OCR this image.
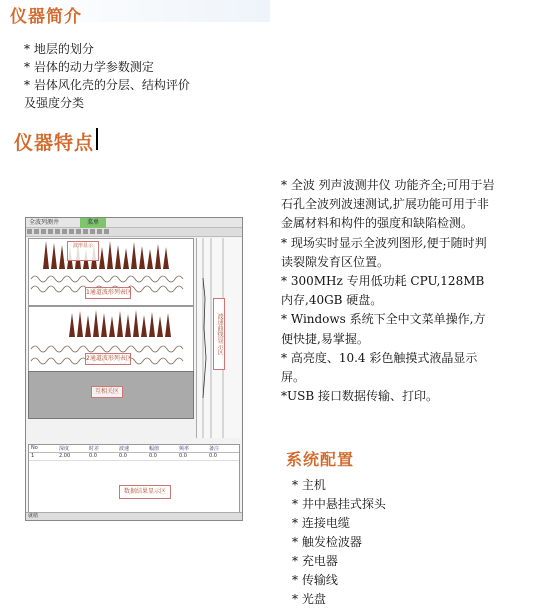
仪器简介
* 地层的划分
* 岩体的动力学参数测定
* 岩体风化壳的分层、结构评价
及强度分类
仪器特点
全波列测井	菜单
波形显示
1通道波形列表区
2通道波形列表区
互相关区
波速曲线显示区
No	深度	时差	波速	幅值	频率	备注
1	2.00	0.0	0.0	0.0	0.0	0.0
数据结果显示区
就绪

* 全波 列声波测井仪 功能齐全;可用于岩石孔全波列波速测试,扩展功能可用于非金属材料和构件的强度和缺陷检测。

* 现场实时显示全波列图形,便于随时判读裂隙发育区位置。

* 300MHz 专用低功耗 CPU,128MB 内存,40GB 硬盘。

* Windows 系统下全中文菜单操作,方便快捷,易掌握。

* 高亮度、10.4 彩色触摸式液晶显示屏。

*USB 接口数据传输、打印。

系统配置
* 主机
* 井中悬挂式探头
* 连接电缆
* 触发检波器
* 充电器
* 传输线
* 光盘
